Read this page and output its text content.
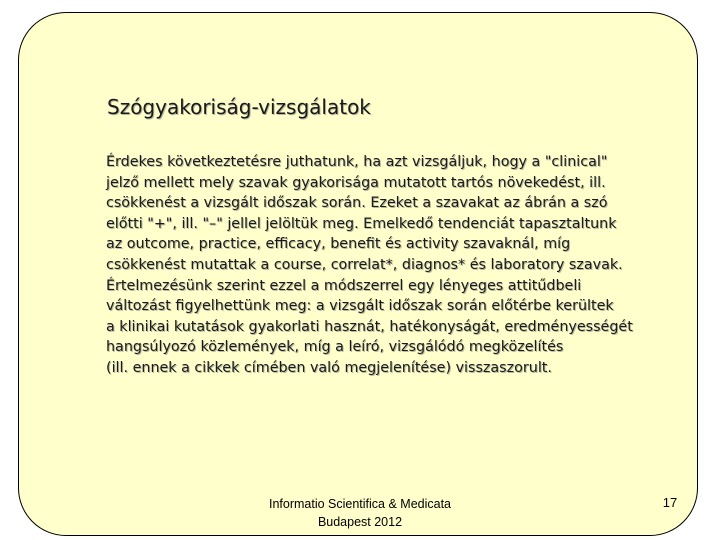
Szógyakoriság-vizsgálatok
Érdekes következtetésre juthatunk, ha azt vizsgáljuk, hogy a "clinical"
jelző mellett mely szavak gyakorisága mutatott tartós növekedést, ill.
csökkenést a vizsgált időszak során. Ezeket a szavakat az ábrán a szó
előtti "+", ill. "–" jellel jelöltük meg. Emelkedő tendenciát tapasztaltunk
az outcome, practice, efficacy, benefit és activity szavaknál, míg
csökkenést mutattak a course, correlat*, diagnos* és laboratory szavak.
Értelmezésünk szerint ezzel a módszerrel egy lényeges attitűdbeli
változást figyelhettünk meg: a vizsgált időszak során előtérbe kerültek
a klinikai kutatások gyakorlati hasznát, hatékonyságát, eredményességét
hangsúlyozó közlemények, míg a leíró, vizsgálódó megközelítés
(ill. ennek a cikkek címében való megjelenítése) visszaszorult.
Informatio Scientifica & Medicata
Budapest 2012
17
